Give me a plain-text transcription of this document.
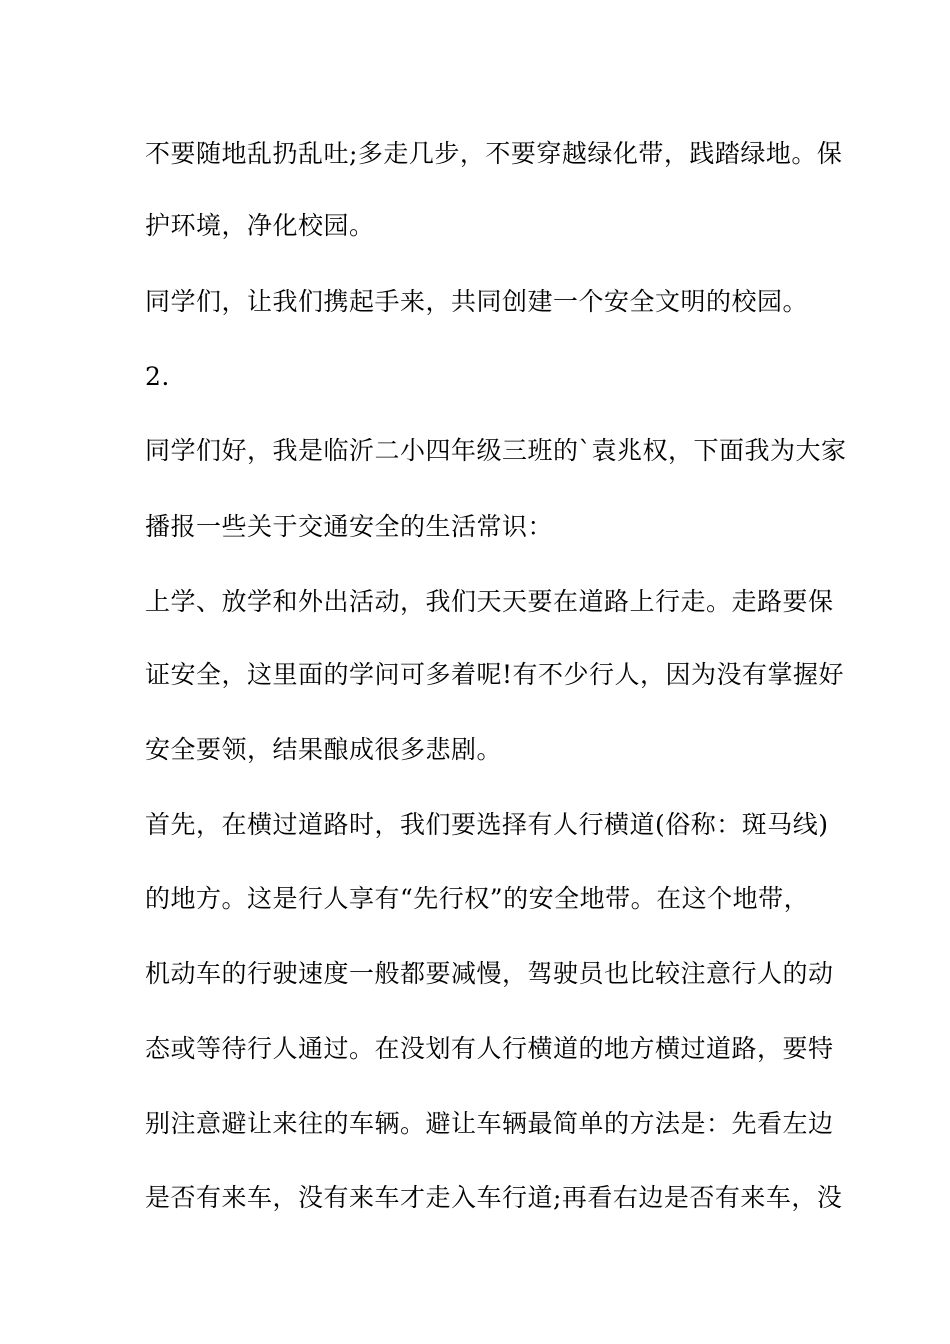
不要随地乱扔乱吐;多走几步，不要穿越绿化带，践踏绿地。保
护环境，净化校园。
同学们，让我们携起手来，共同创建一个安全文明的校园。
2.
同学们好，我是临沂二小四年级三班的`袁兆权，下面我为大家
播报一些关于交通安全的生活常识：
上学、放学和外出活动，我们天天要在道路上行走。走路要保
证安全，这里面的学问可多着呢!有不少行人，因为没有掌握好
安全要领，结果酿成很多悲剧。
首先，在横过道路时，我们要选择有人行横道(俗称：斑马线)
的地方。这是行人享有“先行权”的安全地带。在这个地带，
机动车的行驶速度一般都要减慢，驾驶员也比较注意行人的动
态或等待行人通过。在没划有人行横道的地方横过道路，要特
别注意避让来往的车辆。避让车辆最简单的方法是：先看左边
是否有来车，没有来车才走入车行道;再看右边是否有来车，没
